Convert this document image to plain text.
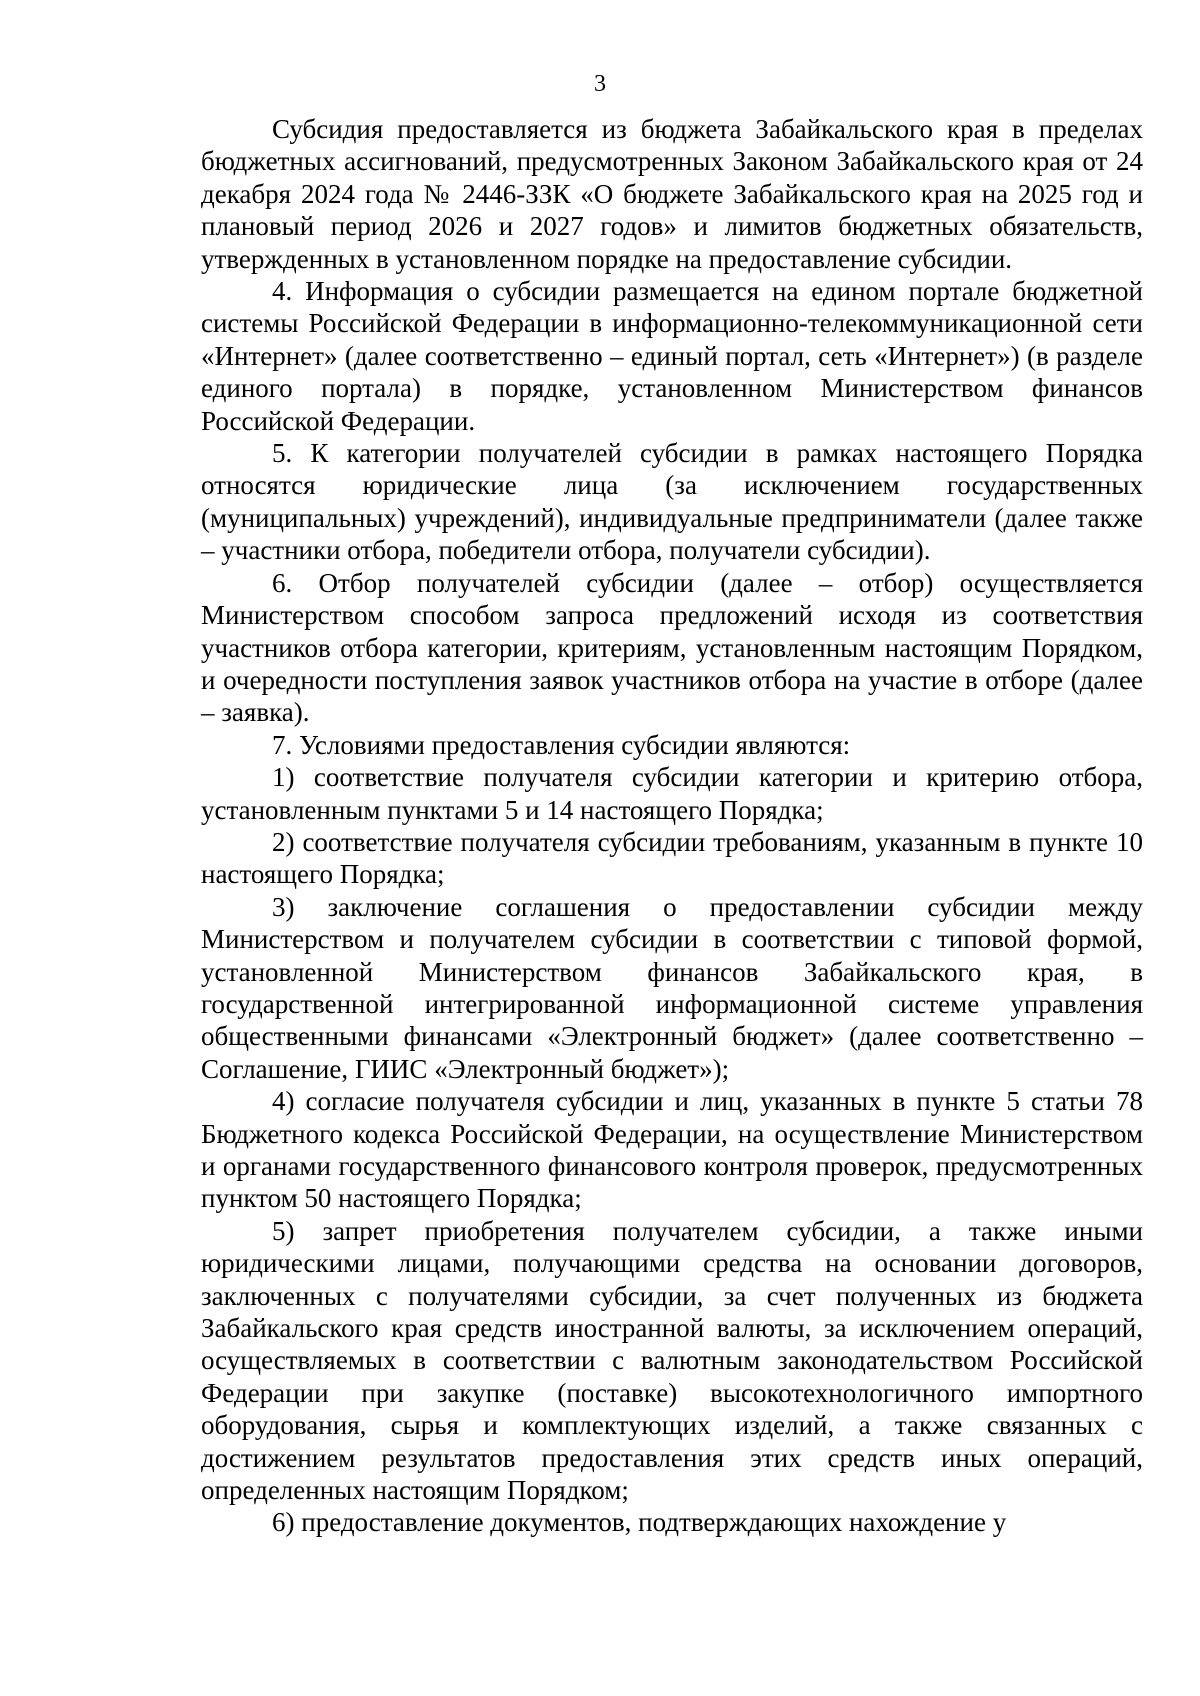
3

Субсидия предоставляется из бюджета Забайкальского края в пределах бюджетных ассигнований, предусмотренных Законом Забайкальского края от 24 декабря 2024 года № 2446-ЗЗК «О бюджете Забайкальского края на 2025 год и плановый период 2026 и 2027 годов» и лимитов бюджетных обязательств, утвержденных в установленном порядке на предоставление субсидии.

4. Информация о субсидии размещается на едином портале бюджетной системы Российской Федерации в информационно-телекоммуникационной сети «Интернет» (далее соответственно – единый портал, сеть «Интернет») (в разделе единого портала) в порядке, установленном Министерством финансов Российской Федерации.

5. К категории получателей субсидии в рамках настоящего Порядка относятся юридические лица (за исключением государственных (муниципальных) учреждений), индивидуальные предприниматели (далее также – участники отбора, победители отбора, получатели субсидии).

6. Отбор получателей субсидии (далее – отбор) осуществляется Министерством способом запроса предложений исходя из соответствия участников отбора категории, критериям, установленным настоящим Порядком, и очередности поступления заявок участников отбора на участие в отборе (далее – заявка).

7. Условиями предоставления субсидии являются:

1) соответствие получателя субсидии категории и критерию отбора, установленным пунктами 5 и 14 настоящего Порядка;

2) соответствие получателя субсидии требованиям, указанным в пункте 10 настоящего Порядка;

3) заключение соглашения о предоставлении субсидии между Министерством и получателем субсидии в соответствии с типовой формой, установленной Министерством финансов Забайкальского края, в государственной интегрированной информационной системе управления общественными финансами «Электронный бюджет» (далее соответственно – Соглашение, ГИИС «Электронный бюджет»);

4) согласие получателя субсидии и лиц, указанных в пункте 5 статьи 78 Бюджетного кодекса Российской Федерации, на осуществление Министерством и органами государственного финансового контроля проверок, предусмотренных пунктом 50 настоящего Порядка;

5) запрет приобретения получателем субсидии, а также иными юридическими лицами, получающими средства на основании договоров, заключенных с получателями субсидии, за счет полученных из бюджета Забайкальского края средств иностранной валюты, за исключением операций, осуществляемых в соответствии с валютным законодательством Российской Федерации при закупке (поставке) высокотехнологичного импортного оборудования, сырья и комплектующих изделий, а также связанных с достижением результатов предоставления этих средств иных операций, определенных настоящим Порядком;

6) предоставление документов, подтверждающих нахождение у
